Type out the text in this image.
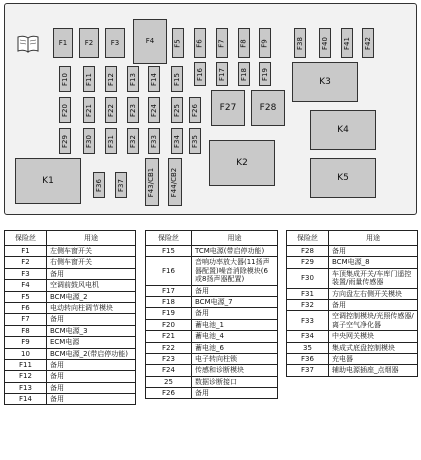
F1	F2	F3	F4	F5 F6 F7 F8 F9	F38 F40 F41 F42
F10 F11 F12 F13 F14 F15 F16 F17 F18 F19
F20 F21 F22 F23 F24 F25 F26 F27	F28
F29 F30 F31 F32 F33 F34 F35
F36 F37	F43/CB1 F44/CB2
K1
K2
K3
K4
K5
保险丝	用途
F1	左侧车窗开关
F2	右侧车窗开关
F3	备用
F4	空调前鼓风电机
F5	BCM电源_2
F6	电动转向柱调节模块
F7	备用
F8	BCM电源_3
F9	ECM电源
10	BCM电源_2(带启停功能)
F11	备用
F12	备用
F13	备用
F14	备用
保险丝	用途
F15	TCM电源(带启停功能)
F16	音响功率放大器(11扬声器配置)噪音消除模块(6或8扬声器配置)
F17	备用
F18	BCM电源_7
F19	备用
F20	蓄电池_1
F21	蓄电池_4
F22	蓄电池_6
F23	电子转向柱锁
F24	传感和诊断模块
25	数据诊断接口
F26	备用
保险丝	用途
F28	备用
F29	BCM电源_8
F30	车顶集成开关/车库门遥控装置/雨量传感器
F31	方向盘左右侧开关模块
F32	备用
F33	空调控制模块/光照传感器/离子空气净化器
F34	中央网关模块
35	集成式底盘控制模块
F36	充电器
F37	辅助电源插座_点烟器
